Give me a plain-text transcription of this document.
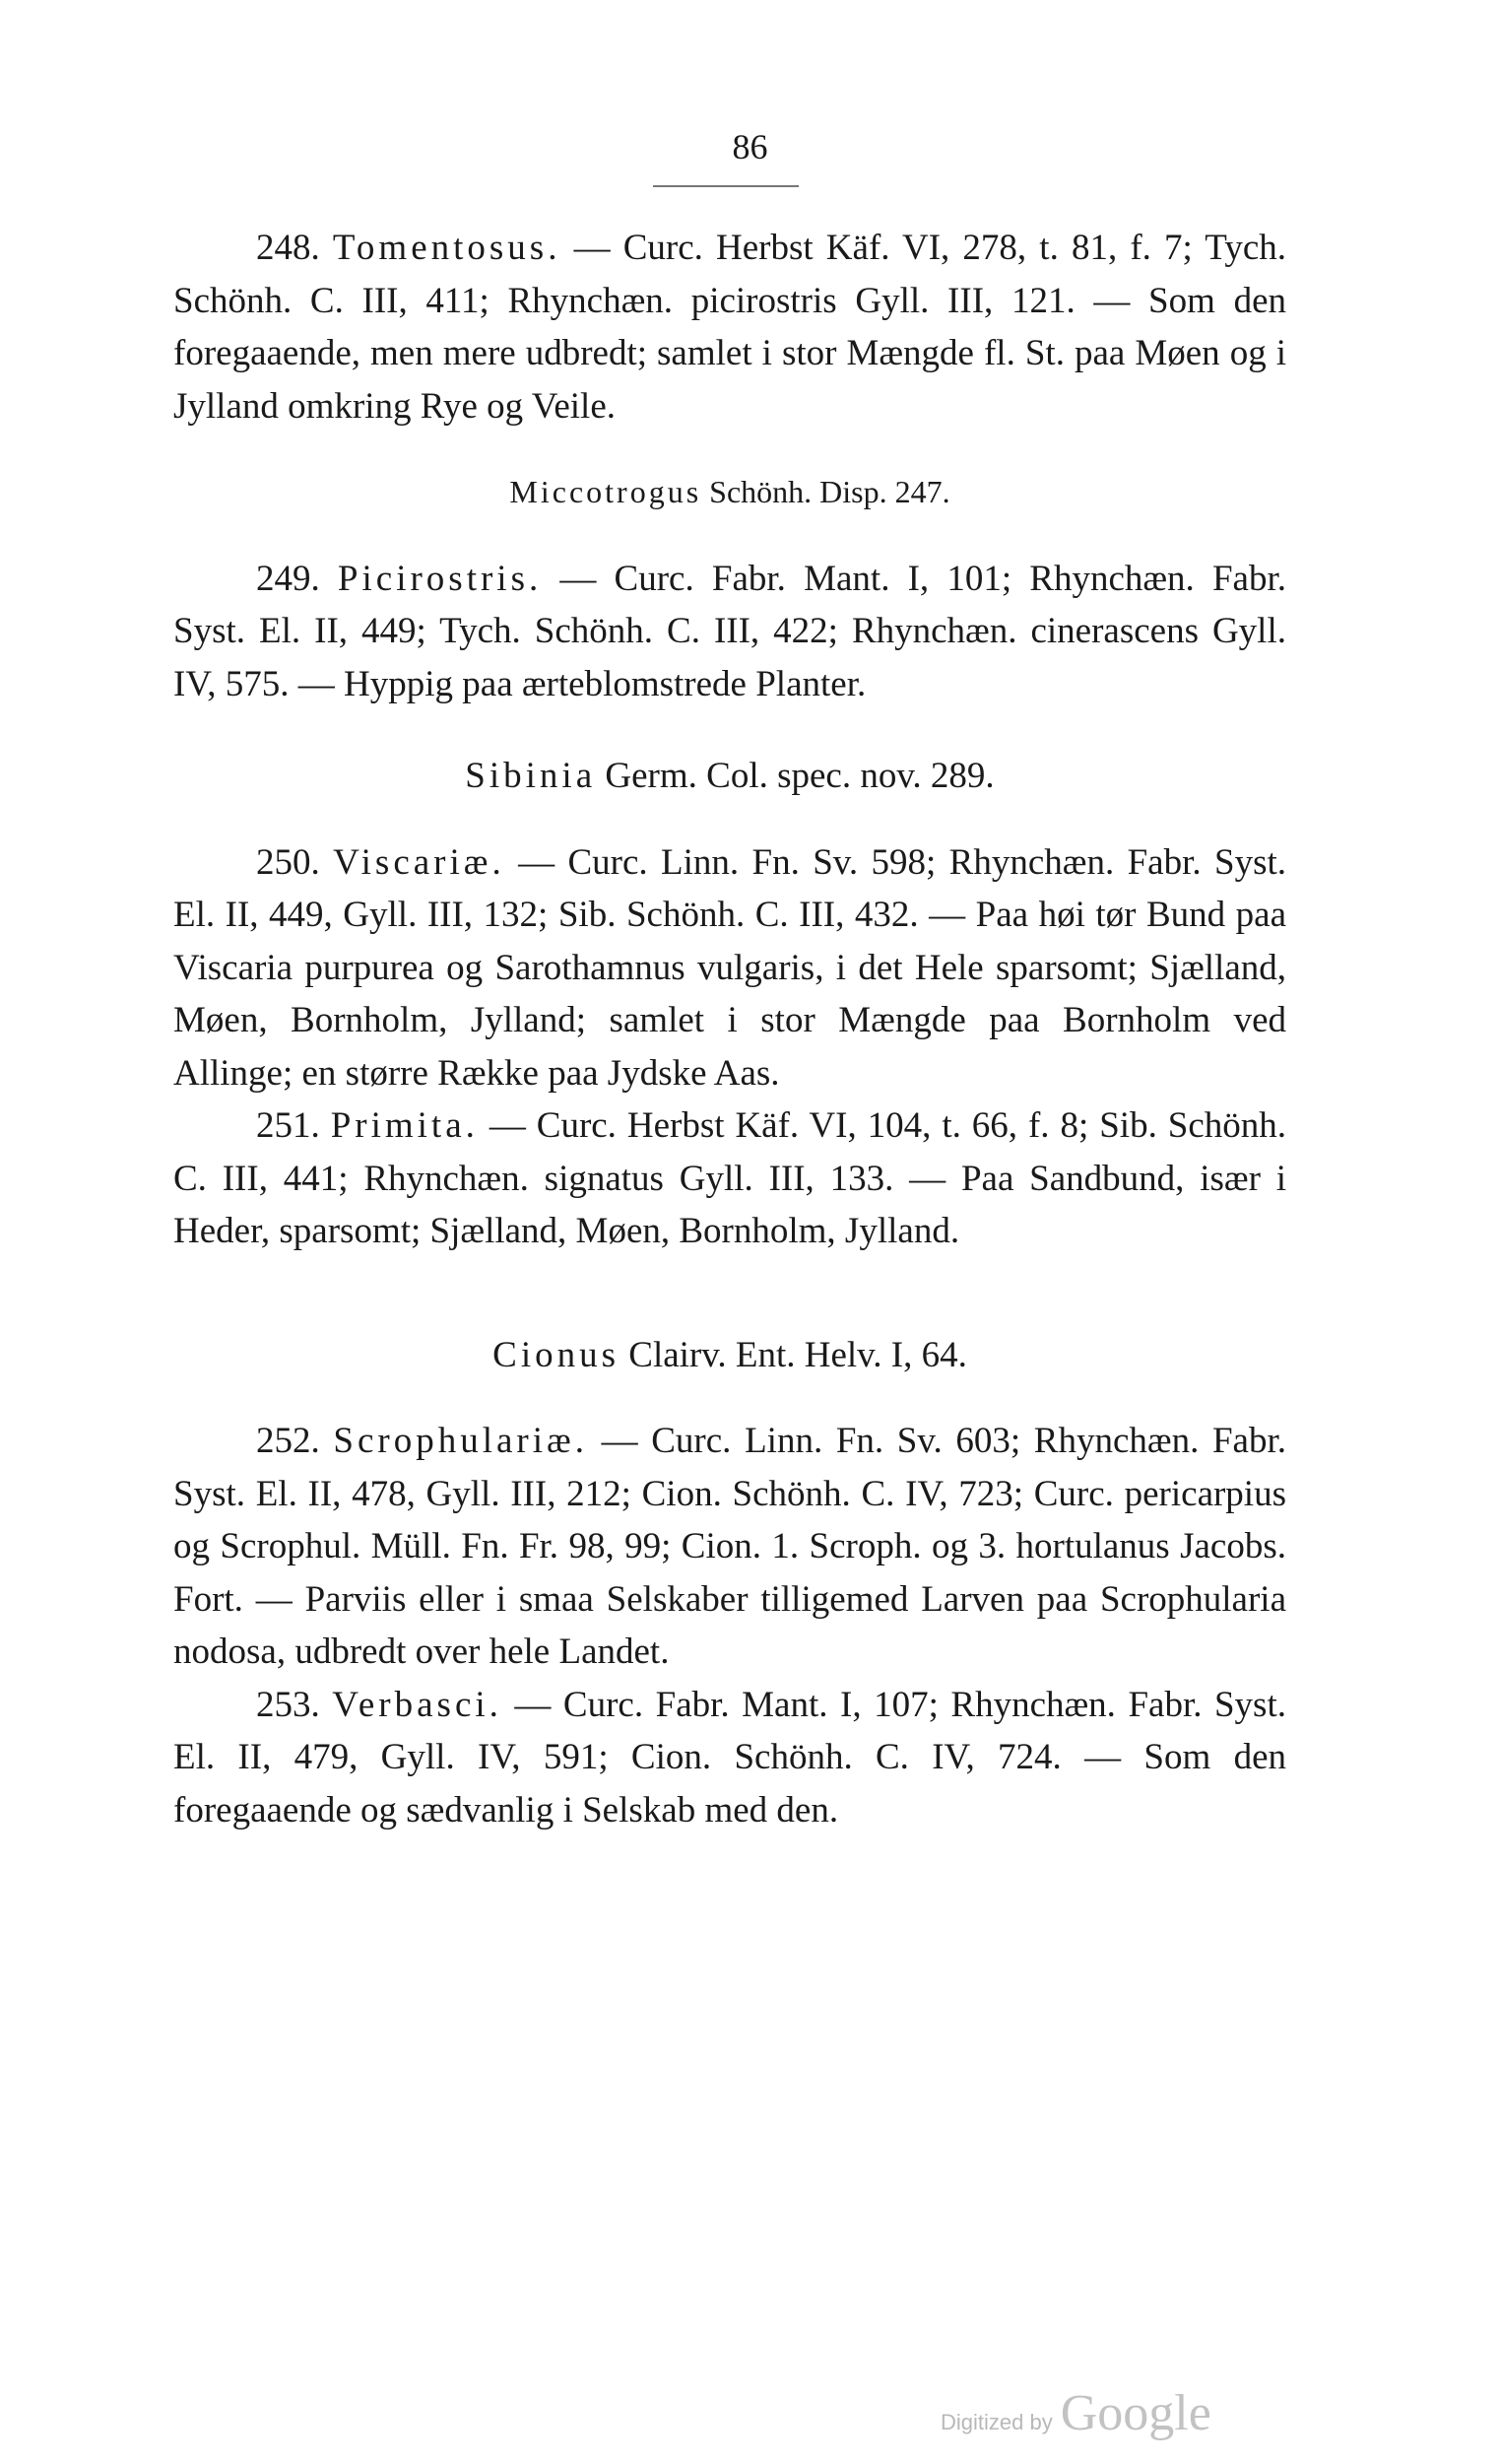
86

248. Tomentosus. — Curc. Herbst Käf. VI, 278, t. 81, f. 7; Tych. Schönh. C. III, 411; Rhynchæn. picirostris Gyll. III, 121. — Som den foregaaende, men mere udbredt; samlet i stor Mængde fl. St. paa Møen og i Jylland omkring Rye og Veile.

Miccotrogus Schönh. Disp. 247.

249. Picirostris. — Curc. Fabr. Mant. I, 101; Rhynchæn. Fabr. Syst. El. II, 449; Tych. Schönh. C. III, 422; Rhynchæn. cinerascens Gyll. IV, 575. — Hyppig paa ærteblomstrede Planter.

Sibinia Germ. Col. spec. nov. 289.

250. Viscariæ. — Curc. Linn. Fn. Sv. 598; Rhynchæn. Fabr. Syst. El. II, 449, Gyll. III, 132; Sib. Schönh. C. III, 432. — Paa høi tør Bund paa Viscaria purpurea og Sarothamnus vulgaris, i det Hele sparsomt; Sjælland, Møen, Bornholm, Jylland; samlet i stor Mængde paa Bornholm ved Allinge; en større Række paa Jydske Aas.

251. Primita. — Curc. Herbst Käf. VI, 104, t. 66, f. 8; Sib. Schönh. C. III, 441; Rhynchæn. signatus Gyll. III, 133. — Paa Sandbund, især i Heder, sparsomt; Sjælland, Møen, Bornholm, Jylland.

Cionus Clairv. Ent. Helv. I, 64.

252. Scrophulariæ. — Curc. Linn. Fn. Sv. 603; Rhynchæn. Fabr. Syst. El. II, 478, Gyll. III, 212; Cion. Schönh. C. IV, 723; Curc. pericarpius og Scrophul. Müll. Fn. Fr. 98, 99; Cion. 1. Scroph. og 3. hortulanus Jacobs. Fort. — Parviis eller i smaa Selskaber tilligemed Larven paa Scrophularia nodosa, udbredt over hele Landet.

253. Verbasci. — Curc. Fabr. Mant. I, 107; Rhynchæn. Fabr. Syst. El. II, 479, Gyll. IV, 591; Cion. Schönh. C. IV, 724. — Som den foregaaende og sædvanlig i Selskab med den.

Digitized by Google
